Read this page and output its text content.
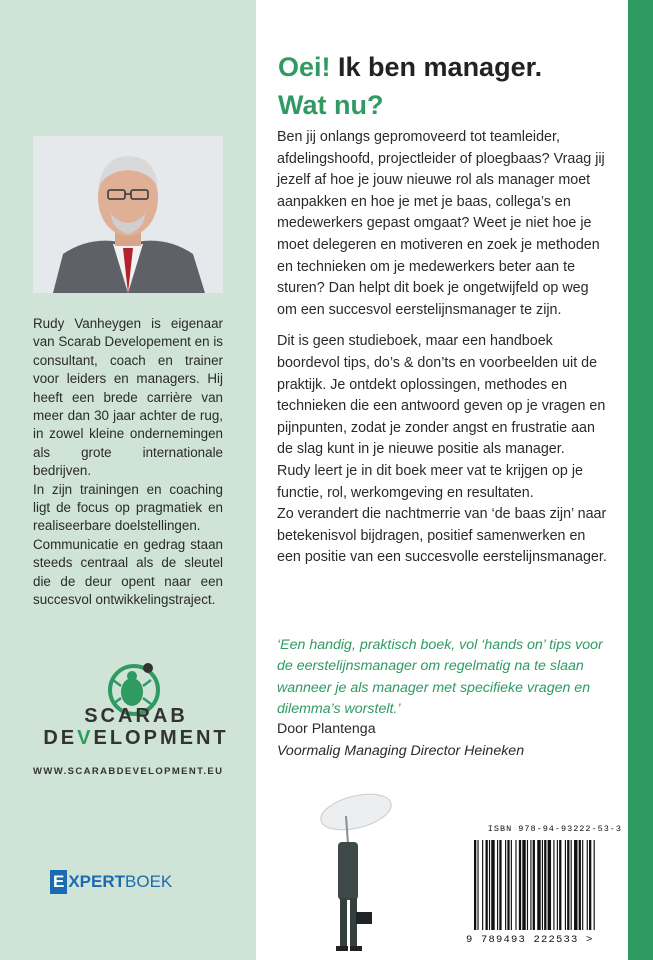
Rudy Vanheygen is eigenaar van Scarab Developement en is consultant, coach en trainer voor leiders en managers. Hij heeft een brede carrière van meer dan 30 jaar achter de rug, in zowel kleine ondernemingen als grote internationale bedrijven.

In zijn trainingen en coaching ligt de focus op pragmatiek en realiseerbare doelstellingen.

Communicatie en gedrag staan steeds centraal als de sleutel die de deur opent naar een succesvol ontwikkelingstraject.

SCARAB
DEVELOPMENT
WWW.SCARABDEVELOPMENT.EU
E XPERT BOEK
Oei! Ik ben manager.
Wat nu?

Ben jij onlangs gepromoveerd tot teamleider, afdelingshoofd, projectleider of ploegbaas? Vraag jij jezelf af hoe je jouw nieuwe rol als manager moet aanpakken en hoe je met je baas, collega’s en medewerkers gepast omgaat? Weet je niet hoe je moet delegeren en motiveren en zoek je methoden en technieken om je medewerkers beter aan te sturen? Dan helpt dit boek je ongetwijfeld op weg om een succesvol eerstelijnsmanager te zijn.

Dit is geen studieboek, maar een handboek boordevol tips, do’s & don’ts en voorbeelden uit de praktijk. Je ontdekt oplossingen, methodes en technieken die een antwoord geven op je vragen en pijnpunten, zodat je zonder angst en frustratie aan de slag kunt in je nieuwe positie als manager.

Rudy leert je in dit boek meer vat te krijgen op je functie, rol, werkomgeving en resultaten.

Zo verandert die nachtmerrie van ‘de baas zijn’ naar betekenisvol bijdragen, positief samenwerken en een positie van een succesvolle eerstelijnsmanager.

‘Een handig, praktisch boek, vol ‘hands on’ tips voor de eerstelijnsmanager om regelmatig na te slaan wanneer je als manager met specifieke vragen en dilemma’s worstelt.’
Door Plantenga
Voormalig Managing Director Heineken
ISBN 978-94-93222-53-3
9 789493 222533 >
